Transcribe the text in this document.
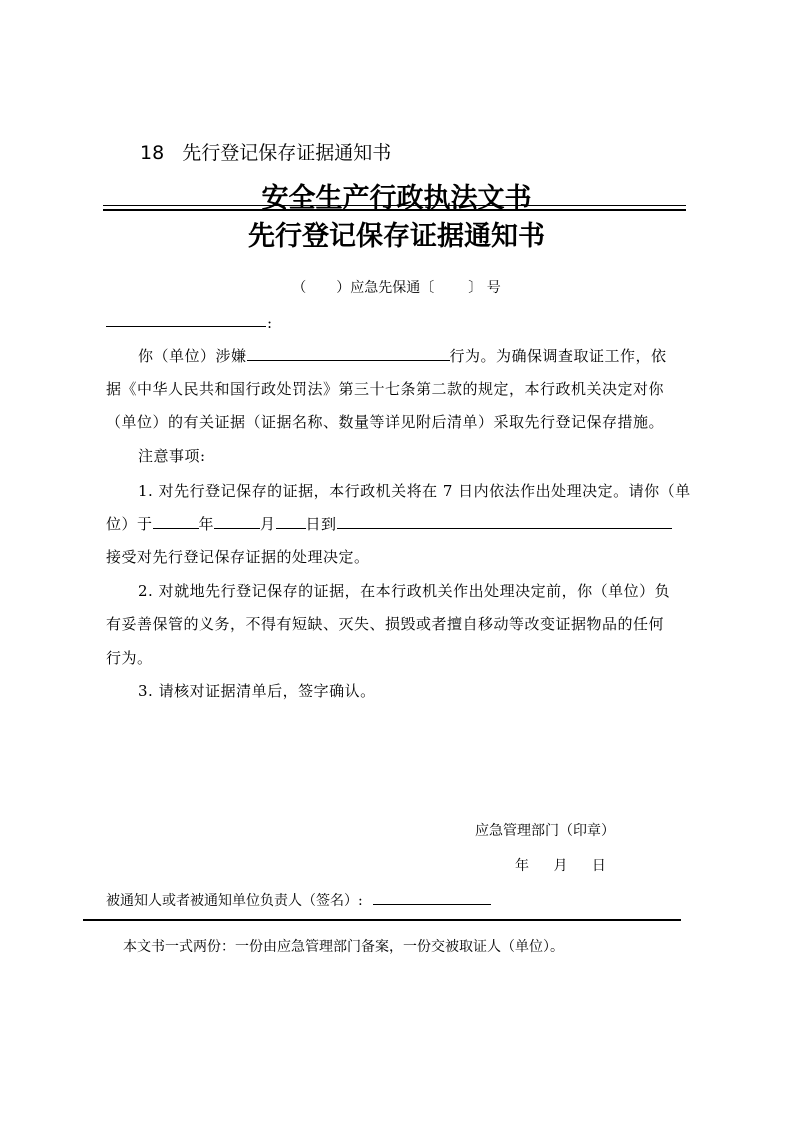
18 先行登记保存证据通知书
安全生产行政执法文书
先行登记保存证据通知书
（ ）应急先保通〔 〕 号
:
你（单位）涉嫌	行为。为确保调查取证工作，依
据《中华人民共和国行政处罚法》第三十七条第二款的规定，本行政机关决定对你
（单位）的有关证据（证据名称、数量等详见附后清单）采取先行登记保存措施。
注意事项:
1. 对先行登记保存的证据，本行政机关将在 7 日内依法作出处理决定。请你（单
位）于	年	月 日到
接受对先行登记保存证据的处理决定。
2. 对就地先行登记保存的证据，在本行政机关作出处理决定前，你（单位）负
有妥善保管的义务，不得有短缺、灭失、损毁或者擅自移动等改变证据物品的任何
行为。
3. 请核对证据清单后，签字确认。
应急管理部门（印章）
年 月 日
被通知人或者被通知单位负责人（签名）:
本文书一式两份：一份由应急管理部门备案，一份交被取证人（单位）。
